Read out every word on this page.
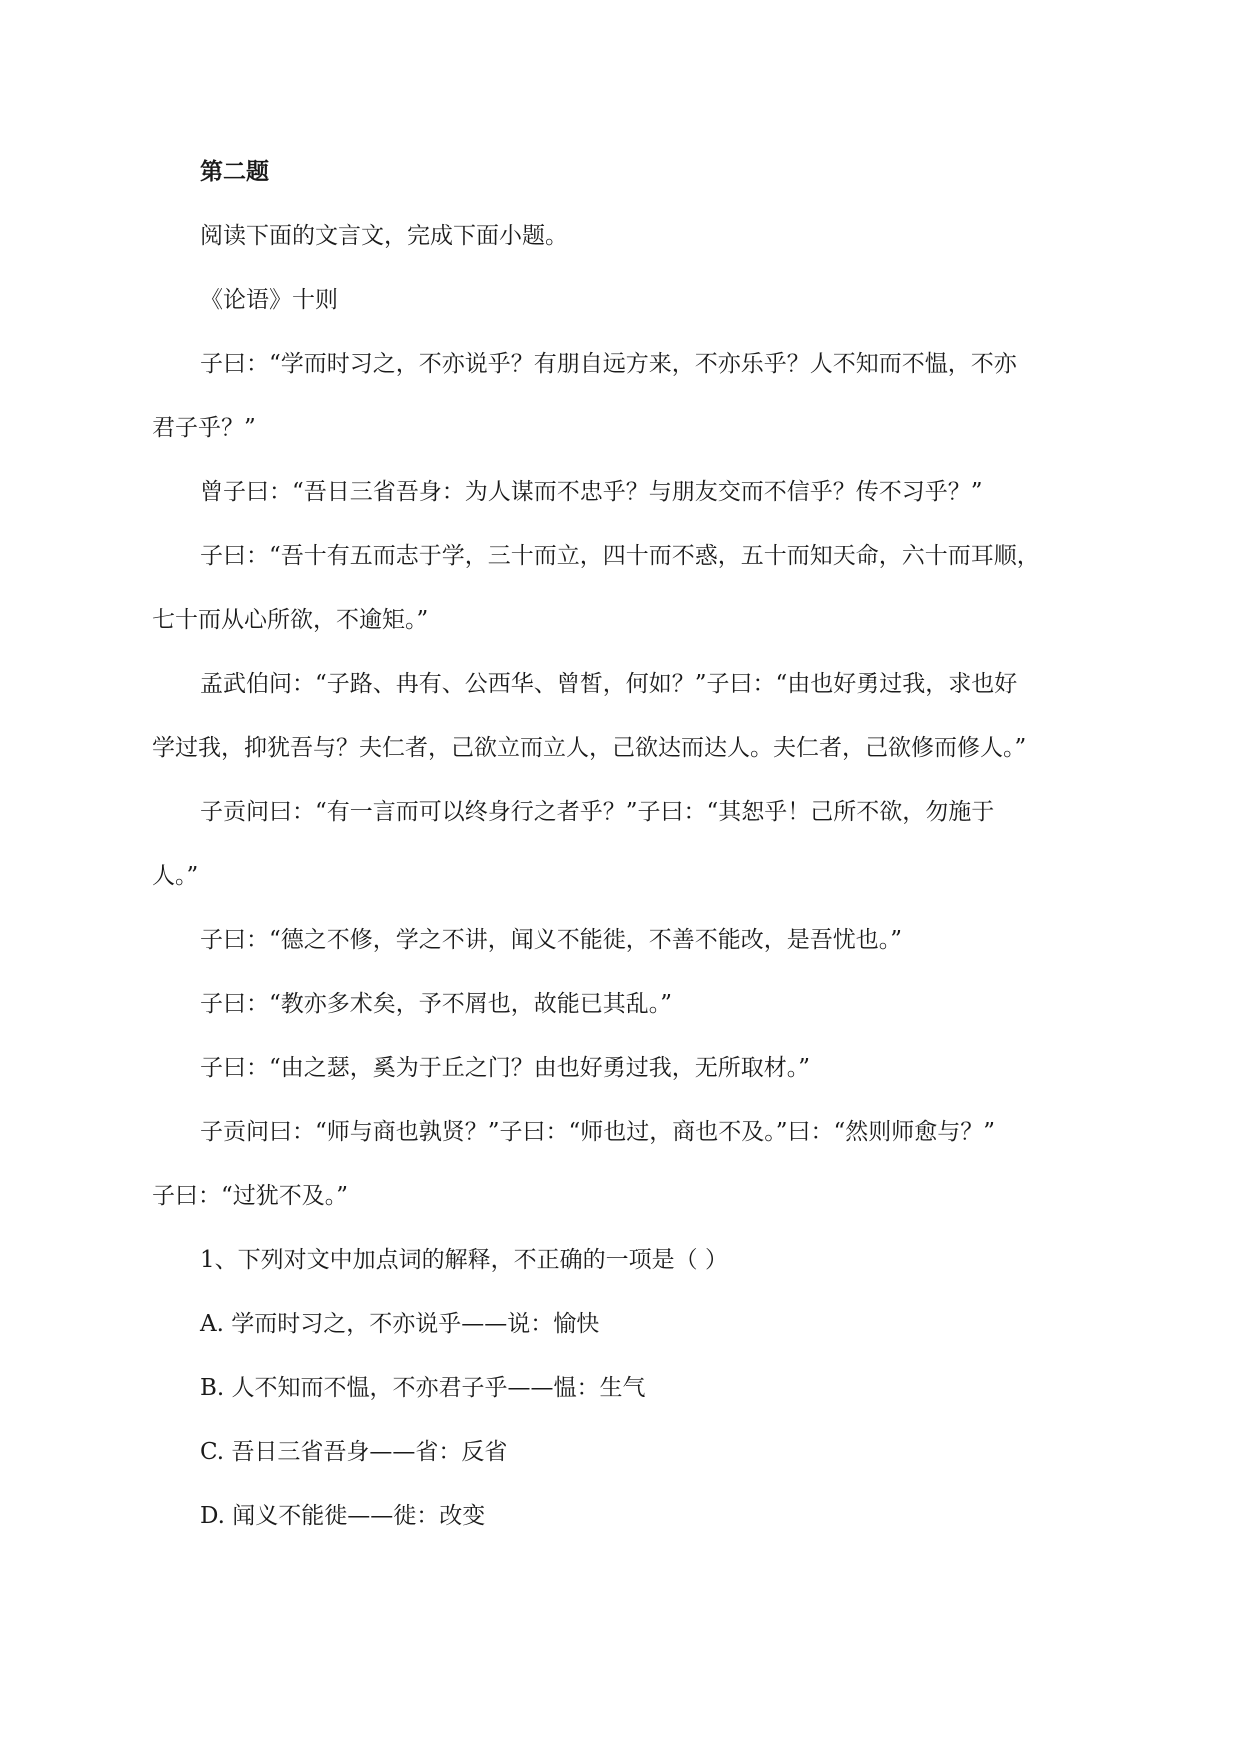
第二题
阅读下面的文言文，完成下面小题。
《论语》十则
子曰：“学而时习之，不亦说乎？有朋自远方来，不亦乐乎？人不知而不愠，不亦
君子乎？”
曾子曰：“吾日三省吾身：为人谋而不忠乎？与朋友交而不信乎？传不习乎？”
子曰：“吾十有五而志于学，三十而立，四十而不惑，五十而知天命，六十而耳顺，
七十而从心所欲，不逾矩。”
孟武伯问：“子路、冉有、公西华、曾皙，何如？”子曰：“由也好勇过我，求也好
学过我，抑犹吾与？夫仁者，己欲立而立人，己欲达而达人。夫仁者，己欲修而修人。”
子贡问曰：“有一言而可以终身行之者乎？”子曰：“其恕乎！己所不欲，勿施于
人。”
子曰：“德之不修，学之不讲，闻义不能徙，不善不能改，是吾忧也。”
子曰：“教亦多术矣，予不屑也，故能已其乱。”
子曰：“由之瑟，奚为于丘之门？由也好勇过我，无所取材。”
子贡问曰：“师与商也孰贤？”子曰：“师也过，商也不及。”曰：“然则师愈与？”
子曰：“过犹不及。”
1、下列对文中加点词的解释，不正确的一项是（ ）
A. 学而时习之，不亦说乎——说：愉快
B. 人不知而不愠，不亦君子乎——愠：生气
C. 吾日三省吾身——省：反省
D. 闻义不能徙——徙：改变
